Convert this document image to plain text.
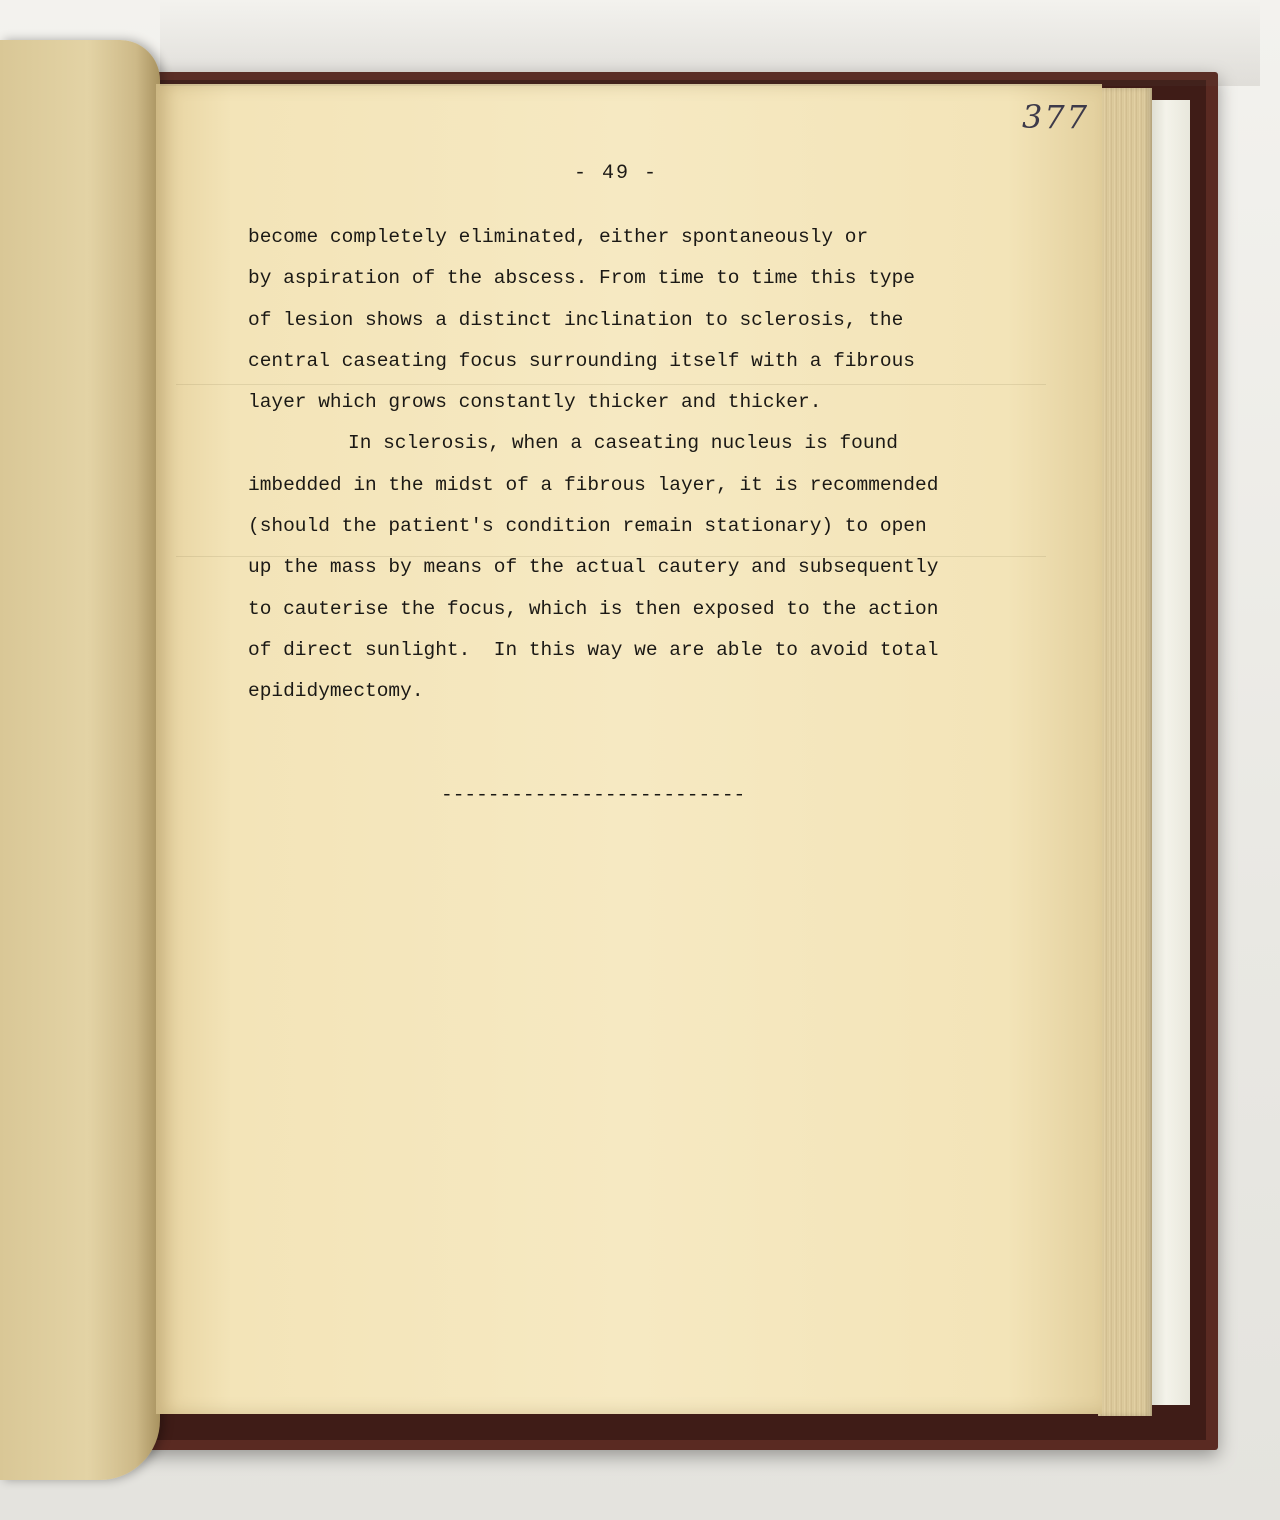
377
- 49 -
become completely eliminated, either spontaneously or
by aspiration of the abscess. From time to time this type
of lesion shows a distinct inclination to sclerosis, the
central caseating focus surrounding itself with a fibrous
layer which grows constantly thicker and thicker.
In sclerosis, when a caseating nucleus is found
imbedded in the midst of a fibrous layer, it is recommended
(should the patient's condition remain stationary) to open
up the mass by means of the actual cautery and subsequently
to cauterise the focus, which is then exposed to the action
of direct sunlight.  In this way we are able to avoid total
epididymectomy.
--------------------------
